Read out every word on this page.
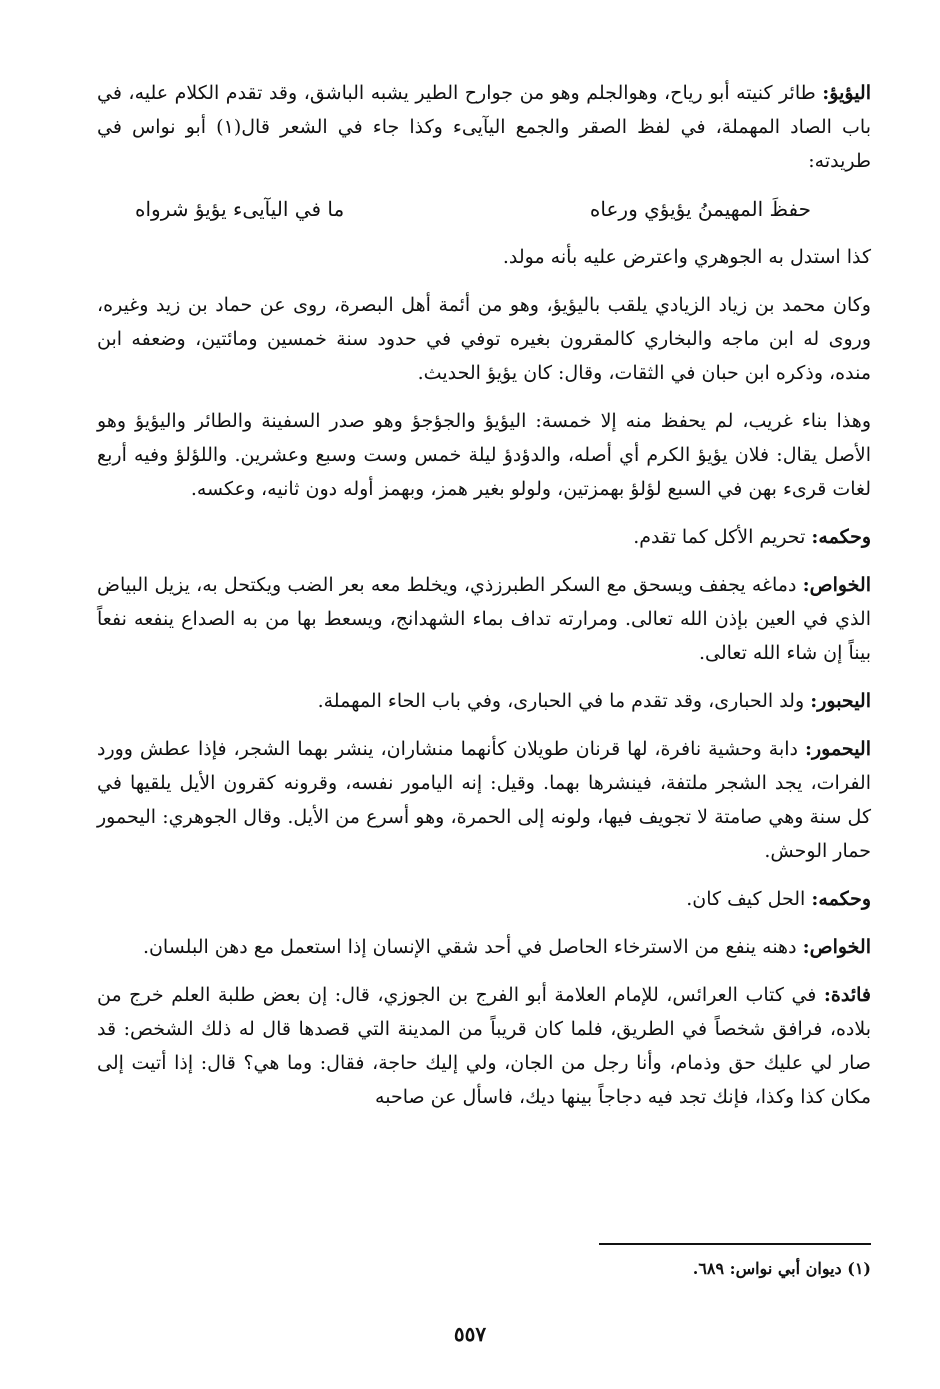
اليؤيؤ: طائر كنيته أبو رياح، وهوالجلم وهو من جوارح الطير يشبه الباشق، وقد تقدم الكلام عليه، في باب الصاد المهملة، في لفظ الصقر والجمع اليآيىء وكذا جاء في الشعر قال(١) أبو نواس في طريدته:

حفظَ المهيمنُ يؤيؤي ورعاه
ما في اليآيىء يؤيؤ شرواه

كذا استدل به الجوهري واعترض عليه بأنه مولد.

وكان محمد بن زياد الزيادي يلقب باليؤيؤ، وهو من أئمة أهل البصرة، روى عن حماد بن زيد وغيره، وروى له ابن ماجه والبخاري كالمقرون بغيره توفي في حدود سنة خمسين ومائتين، وضعفه ابن منده، وذكره ابن حبان في الثقات، وقال: كان يؤيؤ الحديث.

وهذا بناء غريب، لم يحفظ منه إلا خمسة: اليؤيؤ والجؤجؤ وهو صدر السفينة والطائر واليؤيؤ وهو الأصل يقال: فلان يؤيؤ الكرم أي أصله، والدؤدؤ ليلة خمس وست وسبع وعشرين. واللؤلؤ وفيه أربع لغات قرىء بهن في السبع لؤلؤ بهمزتين، ولولو بغير همز، وبهمز أوله دون ثانيه، وعكسه.

وحكمه: تحريم الأكل كما تقدم.

الخواص: دماغه يجفف ويسحق مع السكر الطبرزذي، ويخلط معه بعر الضب ويكتحل به، يزيل البياض الذي في العين بإذن الله تعالى. ومرارته تداف بماء الشهدانج، ويسعط بها من به الصداع ينفعه نفعاً بيناً إن شاء الله تعالى.

اليحبور: ولد الحبارى، وقد تقدم ما في الحبارى، وفي باب الحاء المهملة.

اليحمور: دابة وحشية نافرة، لها قرنان طويلان كأنهما منشاران، ينشر بهما الشجر، فإذا عطش وورد الفرات، يجد الشجر ملتفة، فينشرها بهما. وقيل: إنه اليامور نفسه، وقرونه كقرون الأيل يلقيها في كل سنة وهي صامتة لا تجويف فيها، ولونه إلى الحمرة، وهو أسرع من الأيل. وقال الجوهري: اليحمور حمار الوحش.

وحكمه: الحل كيف كان.

الخواص: دهنه ينفع من الاسترخاء الحاصل في أحد شقي الإنسان إذا استعمل مع دهن البلسان.

فائدة: في كتاب العرائس، للإمام العلامة أبو الفرج بن الجوزي، قال: إن بعض طلبة العلم خرج من بلاده، فرافق شخصاً في الطريق، فلما كان قريباً من المدينة التي قصدها قال له ذلك الشخص: قد صار لي عليك حق وذمام، وأنا رجل من الجان، ولي إليك حاجة، فقال: وما هي؟ قال: إذا أتيت إلى مكان كذا وكذا، فإنك تجد فيه دجاجاً بينها ديك، فاسأل عن صاحبه

(١) ديوان أبي نواس: ٦٨٩.
٥٥٧
